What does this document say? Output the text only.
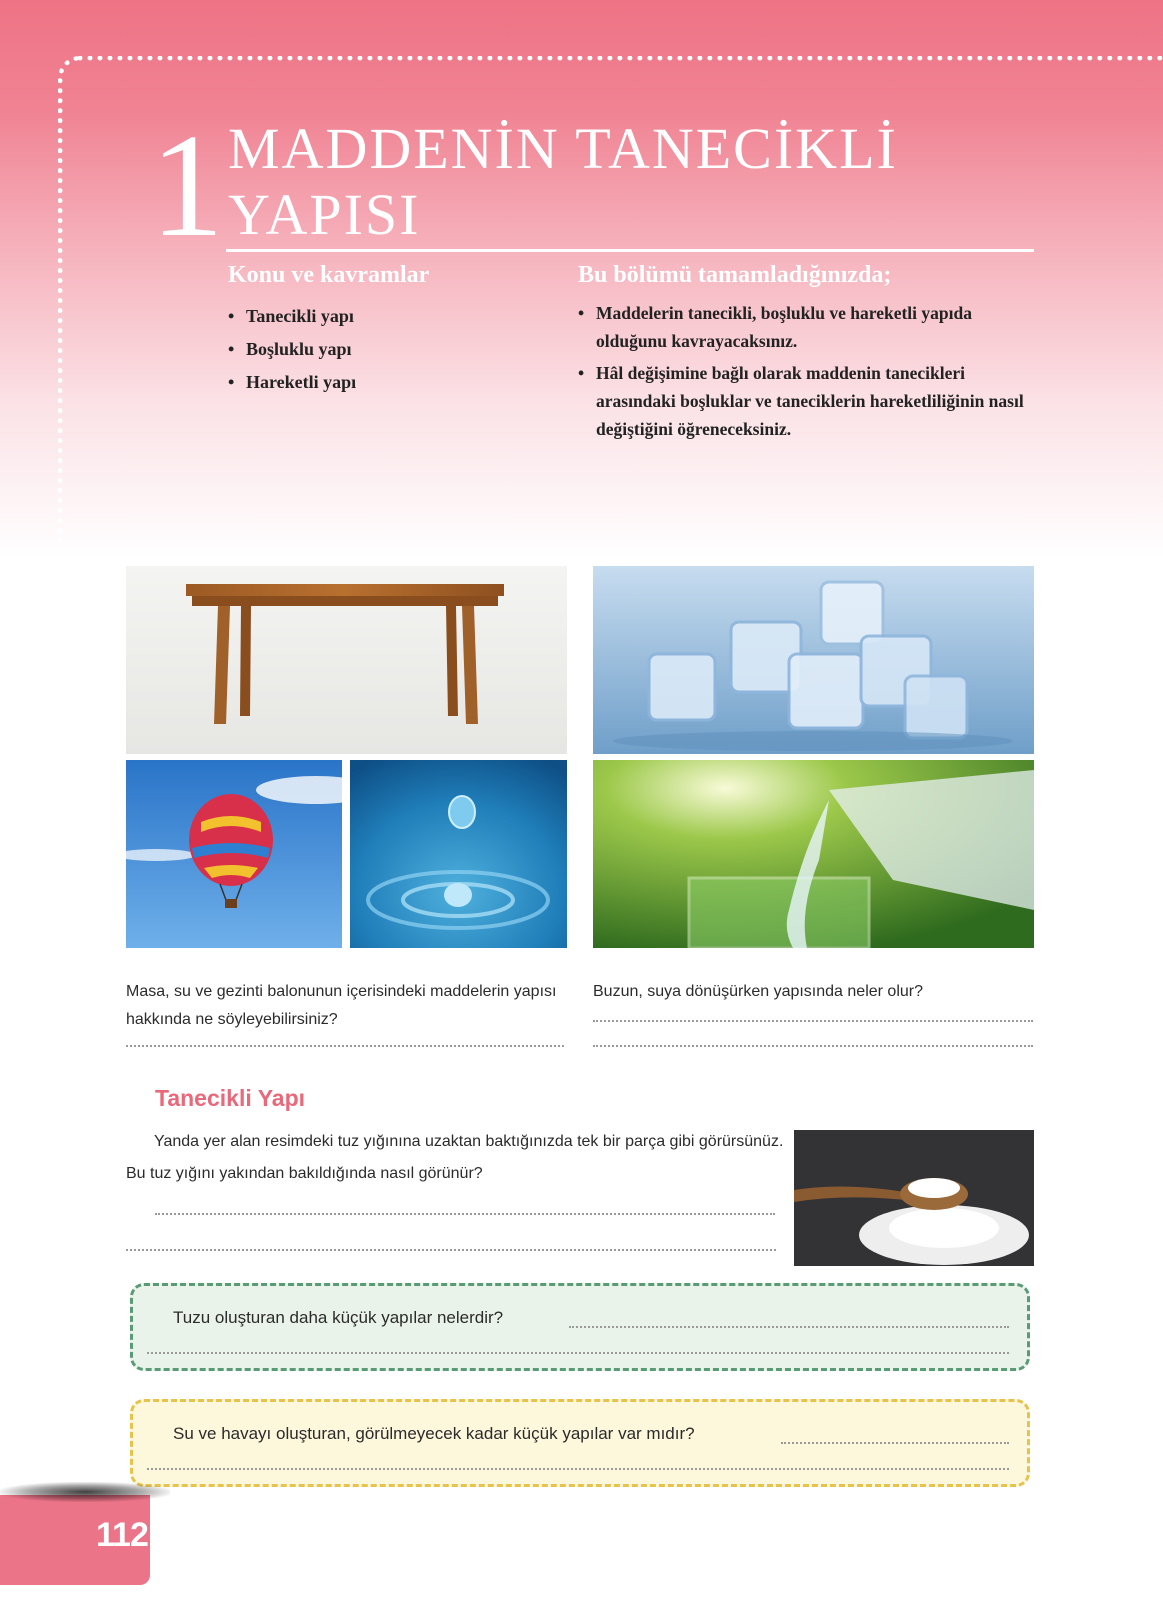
1 MADDENİN TANECİKLİ
YAPISI
Konu ve kavramlar
• Tanecikli yapı
• Boşluklu yapı
• Hareketli yapı
Bu bölümü tamamladığınızda;
• Maddelerin tanecikli, boşluklu ve hareketli yapıda olduğunu kavrayacaksınız.
• Hâl değişimine bağlı olarak maddenin tanecikleri arasındaki boşluklar ve taneciklerin hareketliliğinin nasıl değiştiğini öğreneceksiniz.
Masa, su ve gezinti balonunun içerisindeki maddelerin yapısı hakkında ne söyleyebilirsiniz?
Buzun, suya dönüşürken yapısında neler olur?
Tanecikli Yapı

Yanda yer alan resimdeki tuz yığınına uzaktan baktığınızda tek bir parça gibi görürsünüz. Bu tuz yığını yakından bakıldığında nasıl görünür?

Tuzu oluşturan daha küçük yapılar nelerdir?
Su ve havayı oluşturan, görülmeyecek kadar küçük yapılar var mıdır?
112
